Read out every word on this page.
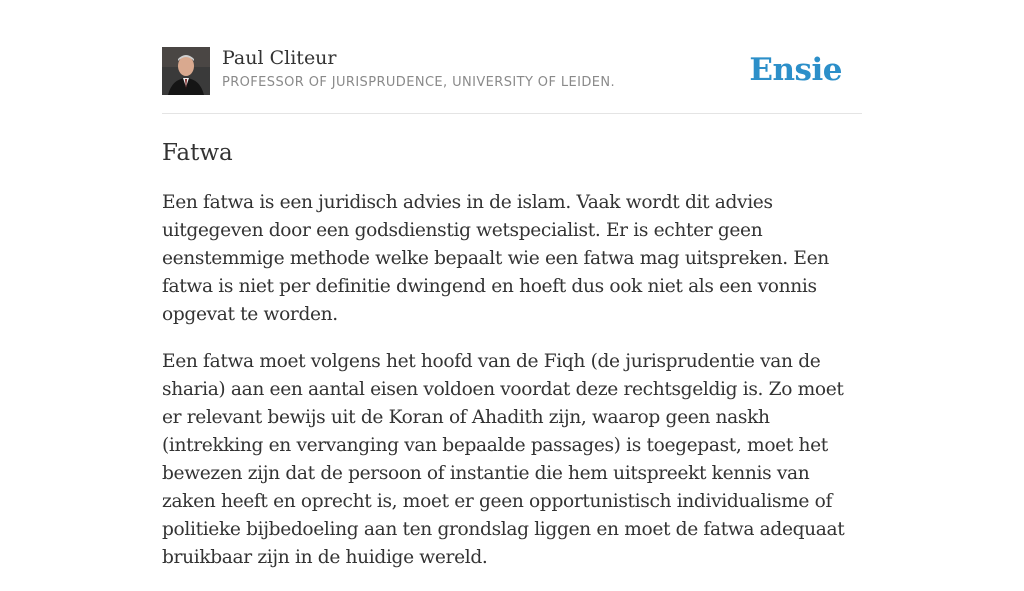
Paul Cliteur
PROFESSOR OF JURISPRUDENCE, UNIVERSITY OF LEIDEN.	Ensie
Fatwa

Een fatwa is een juridisch advies in de islam. Vaak wordt dit advies uitgegeven door een godsdienstig wetspecialist. Er is echter geen eenstemmige methode welke bepaalt wie een fatwa mag uitspreken. Een fatwa is niet per definitie dwingend en hoeft dus ook niet als een vonnis opgevat te worden.

Een fatwa moet volgens het hoofd van de Fiqh (de jurisprudentie van de sharia) aan een aantal eisen voldoen voordat deze rechtsgeldig is. Zo moet er relevant bewijs uit de Koran of Ahadith zijn, waarop geen naskh (intrekking en vervanging van bepaalde passages) is toegepast, moet het bewezen zijn dat de persoon of instantie die hem uitspreekt kennis van zaken heeft en oprecht is, moet er geen opportunistisch individualisme of politieke bijbedoeling aan ten grondslag liggen en moet de fatwa adequaat bruikbaar zijn in de huidige wereld.
